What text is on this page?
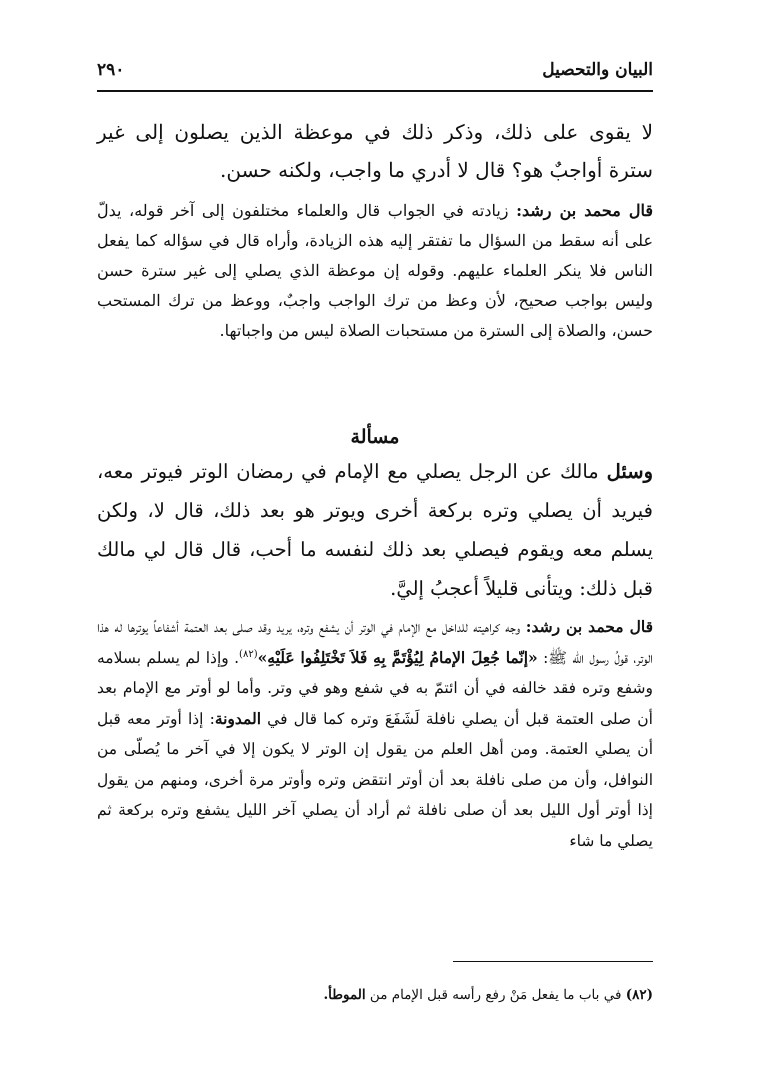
البيان والتحصيل
٢٩٠

لا يقوى على ذلك، وذكر ذلك في موعظة الذين يصلون إلى غير سترة أواجبٌ هو؟ قال لا أدري ما واجب، ولكنه حسن.

قال محمد بن رشد: زيادته في الجواب قال والعلماء مختلفون إلى آخر قوله، يدلّ على أنه سقط من السؤال ما تفتقر إليه هذه الزيادة، وأراه قال في سؤاله كما يفعل الناس فلا ينكر العلماء عليهم. وقوله إن موعظة الذي يصلي إلى غير سترة حسن وليس بواجب صحيح، لأن وعظ من ترك الواجب واجبٌ، ووعظ من ترك المستحب حسن، والصلاة إلى السترة من مستحبات الصلاة ليس من واجباتها.

مسألة

وسئل مالك عن الرجل يصلي مع الإمام في رمضان الوتر فيوتر معه، فيريد أن يصلي وتره بركعة أخرى ويوتر هو بعد ذلك، قال لا، ولكن يسلم معه ويقوم فيصلي بعد ذلك لنفسه ما أحب، قال قال لي مالك قبل ذلك: ويتأنى قليلاً أعجبُ إليَّ.

قال محمد بن رشد: وجه كراهيته للداخل مع الإمام في الوتر أن يشفع وتره، يريد وقد صلى بعد العتمة أشفاعاً يوترها له هذا الوتر، قولُ رسول الله ﷺ: «إنّما جُعِلَ الإمامُ لِيُؤْتَمَّ بِهِ فَلاَ تَخْتَلِفُوا عَلَيْهِ»$^{(٨٢)}$. وإذا لم يسلم بسلامه وشفع وتره فقد خالفه في أن ائتمّ به في شفع وهو في وتر. وأما لو أوتر مع الإمام بعد أن صلى العتمة قبل أن يصلي نافلة لَشَفَعَ وتره كما قال في المدونة: إذا أوتر معه قبل أن يصلي العتمة. ومن أهل العلم من يقول إن الوتر لا يكون إلا في آخر ما يُصلّى من النوافل، وأن من صلى نافلة بعد أن أوتر انتقض وتره وأوتر مرة أخرى، ومنهم من يقول إذا أوتر أول الليل بعد أن صلى نافلة ثم أراد أن يصلي آخر الليل يشفع وتره بركعة ثم يصلي ما شاء

(٨٢) في باب ما يفعل مَنْ رفع رأسه قبل الإمام من الموطأ.
